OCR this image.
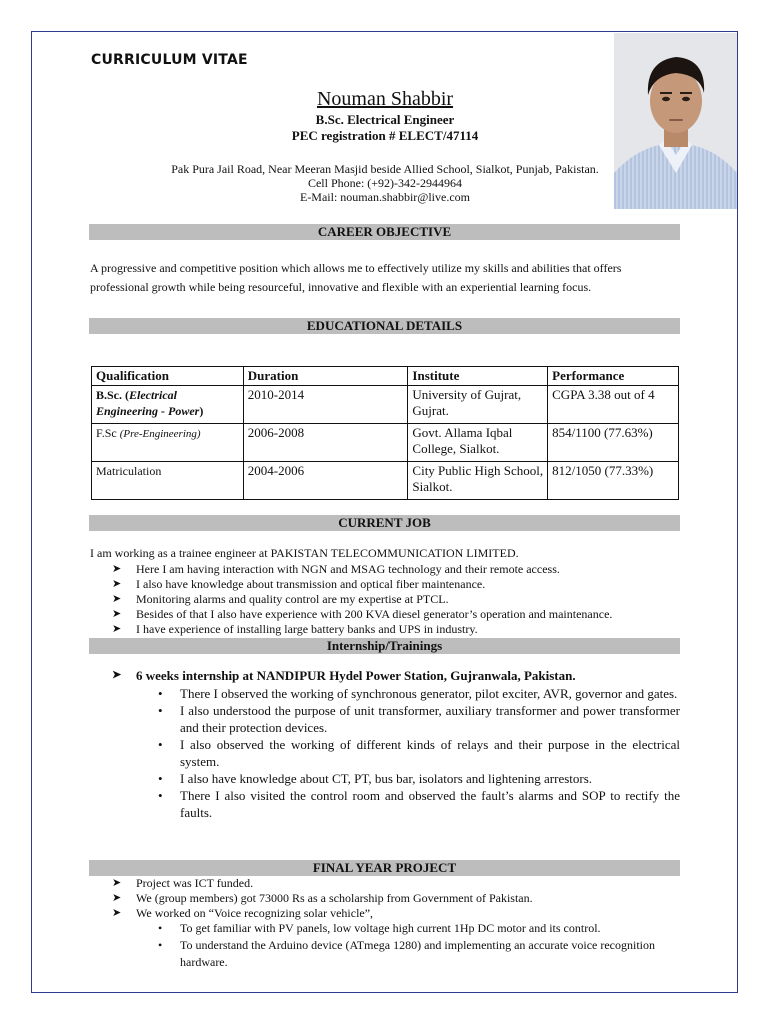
CURRICULUM VITAE
Nouman Shabbir
B.Sc. Electrical Engineer
PEC registration # ELECT/47114
Pak Pura Jail Road, Near Meeran Masjid beside Allied School, Sialkot, Punjab, Pakistan.
Cell Phone: (+92)-342-2944964
E-Mail: nouman.shabbir@live.com
CAREER OBJECTIVE
A progressive and competitive position which allows me to effectively utilize my skills and abilities that offers professional growth while being resourceful, innovative and flexible with an experiential learning focus.
EDUCATIONAL DETAILS
Qualification	Duration	Institute	Performance
B.Sc. (Electrical Engineering - Power)	2010-2014	University of Gujrat, Gujrat.	CGPA 3.38 out of 4
F.Sc (Pre-Engineering)	2006-2008	Govt. Allama Iqbal College, Sialkot.	854/1100 (77.63%)
Matriculation	2004-2006	City Public High School, Sialkot.	812/1050 (77.33%)
CURRENT JOB
I am working as a trainee engineer at PAKISTAN TELECOMMUNICATION LIMITED.
➤ Here I am having interaction with NGN and MSAG technology and their remote access.
➤ I also have knowledge about transmission and optical fiber maintenance.
➤ Monitoring alarms and quality control are my expertise at PTCL.
➤ Besides of that I also have experience with 200 KVA diesel generator’s operation and maintenance.
➤ I have experience of installing large battery banks and UPS in industry.
Internship/Trainings
➤ 6 weeks internship at NANDIPUR Hydel Power Station, Gujranwala, Pakistan.
• There I observed the working of synchronous generator, pilot exciter, AVR, governor and gates.
• I also understood the purpose of unit transformer, auxiliary transformer and power transformer and their protection devices.
• I also observed the working of different kinds of relays and their purpose in the electrical system.
• I also have knowledge about CT, PT, bus bar, isolators and lightening arrestors.
• There I also visited the control room and observed the fault’s alarms and SOP to rectify the faults.
FINAL YEAR PROJECT
➤ Project was ICT funded.
➤ We (group members) got 73000 Rs as a scholarship from Government of Pakistan.
➤ We worked on “Voice recognizing solar vehicle”,
• To get familiar with PV panels, low voltage high current 1Hp DC motor and its control.
• To understand the Arduino device (ATmega 1280) and implementing an accurate voice recognition hardware.
